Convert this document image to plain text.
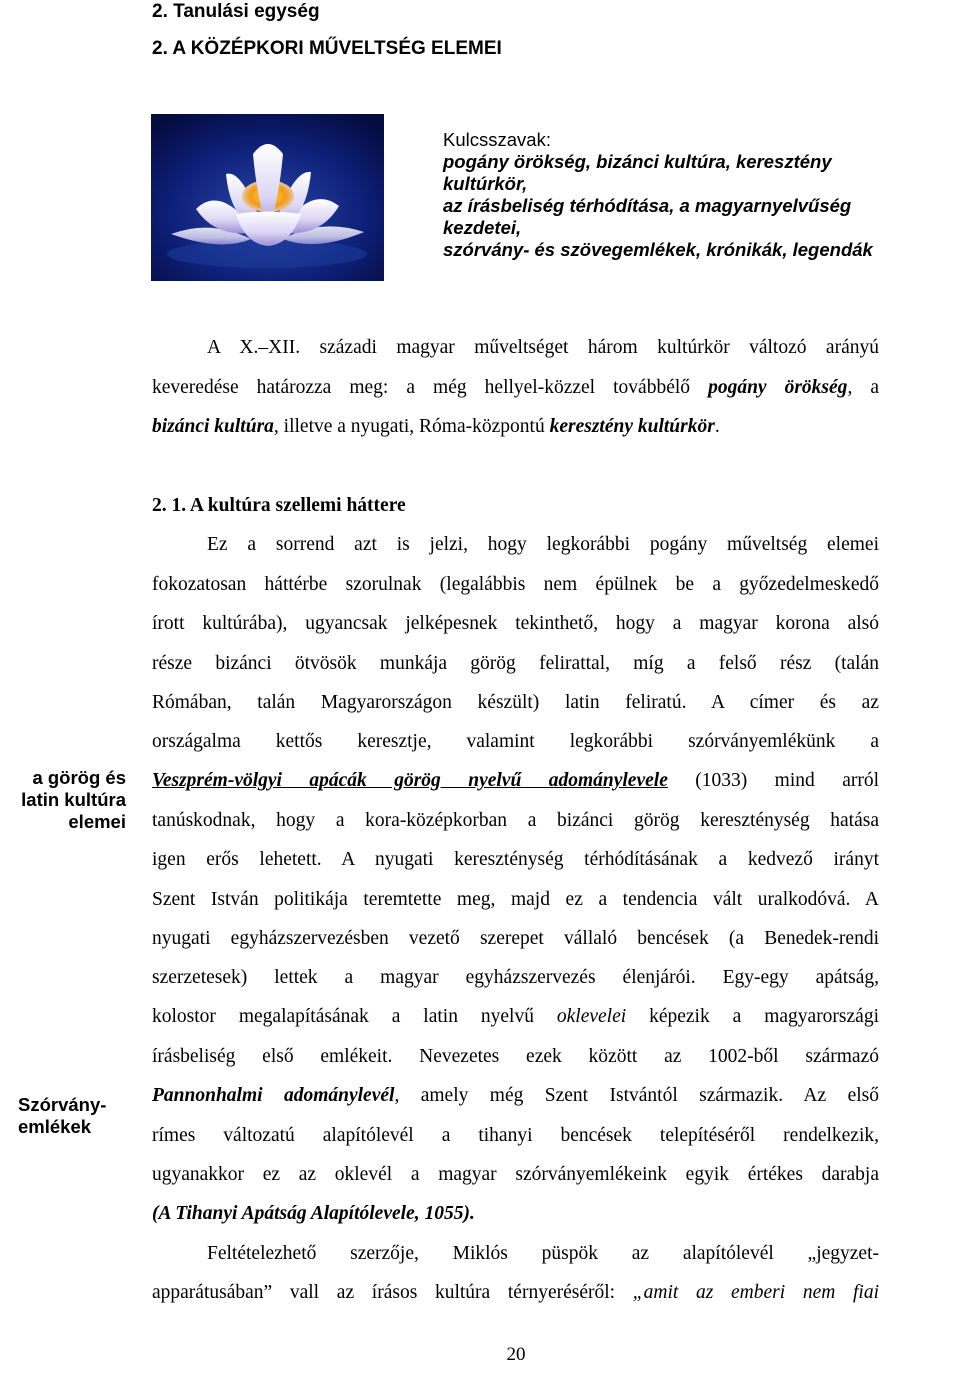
2. Tanulási egység
2. A KÖZÉPKORI MŰVELTSÉG ELEMEI
Kulcsszavak:
pogány örökség, bizánci kultúra, keresztény kultúrkör,
az írásbeliség térhódítása, a magyarnyelvűség kezdetei,
szórvány- és szövegemlékek, krónikák, legendák
A X.–XII. századi magyar műveltséget három kultúrkör változó arányú
keveredése határozza meg: a még hellyel-közzel továbbélő pogány örökség, a
bizánci kultúra, illetve a nyugati, Róma-központú keresztény kultúrkör.
2. 1. A kultúra szellemi háttere
Ez a sorrend azt is jelzi, hogy legkorábbi pogány műveltség elemei
fokozatosan háttérbe szorulnak (legalábbis nem épülnek be a győzedelmeskedő
írott kultúrába), ugyancsak jelképesnek tekinthető, hogy a magyar korona alsó
része bizánci ötvösök munkája görög felirattal, míg a felső rész (talán
Rómában, talán Magyarországon készült) latin feliratú. A címer és az
országalma kettős keresztje, valamint legkorábbi szórványemlékünk a
Veszprém-völgyi apácák görög nyelvű adománylevele (1033) mind arról
tanúskodnak, hogy a kora-középkorban a bizánci görög kereszténység hatása
igen erős lehetett. A nyugati kereszténység térhódításának a kedvező irányt
Szent István politikája teremtette meg, majd ez a tendencia vált uralkodóvá. A
nyugati egyházszervezésben vezető szerepet vállaló bencések (a Benedek-rendi
szerzetesek) lettek a magyar egyházszervezés élenjárói. Egy-egy apátság,
kolostor megalapításának a latin nyelvű oklevelei képezik a magyarországi
írásbeliség első emlékeit. Nevezetes ezek között az 1002-ből származó
Pannonhalmi adománylevél, amely még Szent Istvántól származik. Az első
rímes változatú alapítólevél a tihanyi bencések telepítéséről rendelkezik,
ugyanakkor ez az oklevél a magyar szórványemlékeink egyik értékes darabja
(A Tihanyi Apátság Alapítólevele, 1055).
Feltételezhető szerzője, Miklós püspök az alapítólevél „jegyzet-
apparátusában” vall az írásos kultúra térnyeréséről: „amit az emberi nem fiai
a görög és
latin kultúra
elemei
Szórvány-
emlékek
20
